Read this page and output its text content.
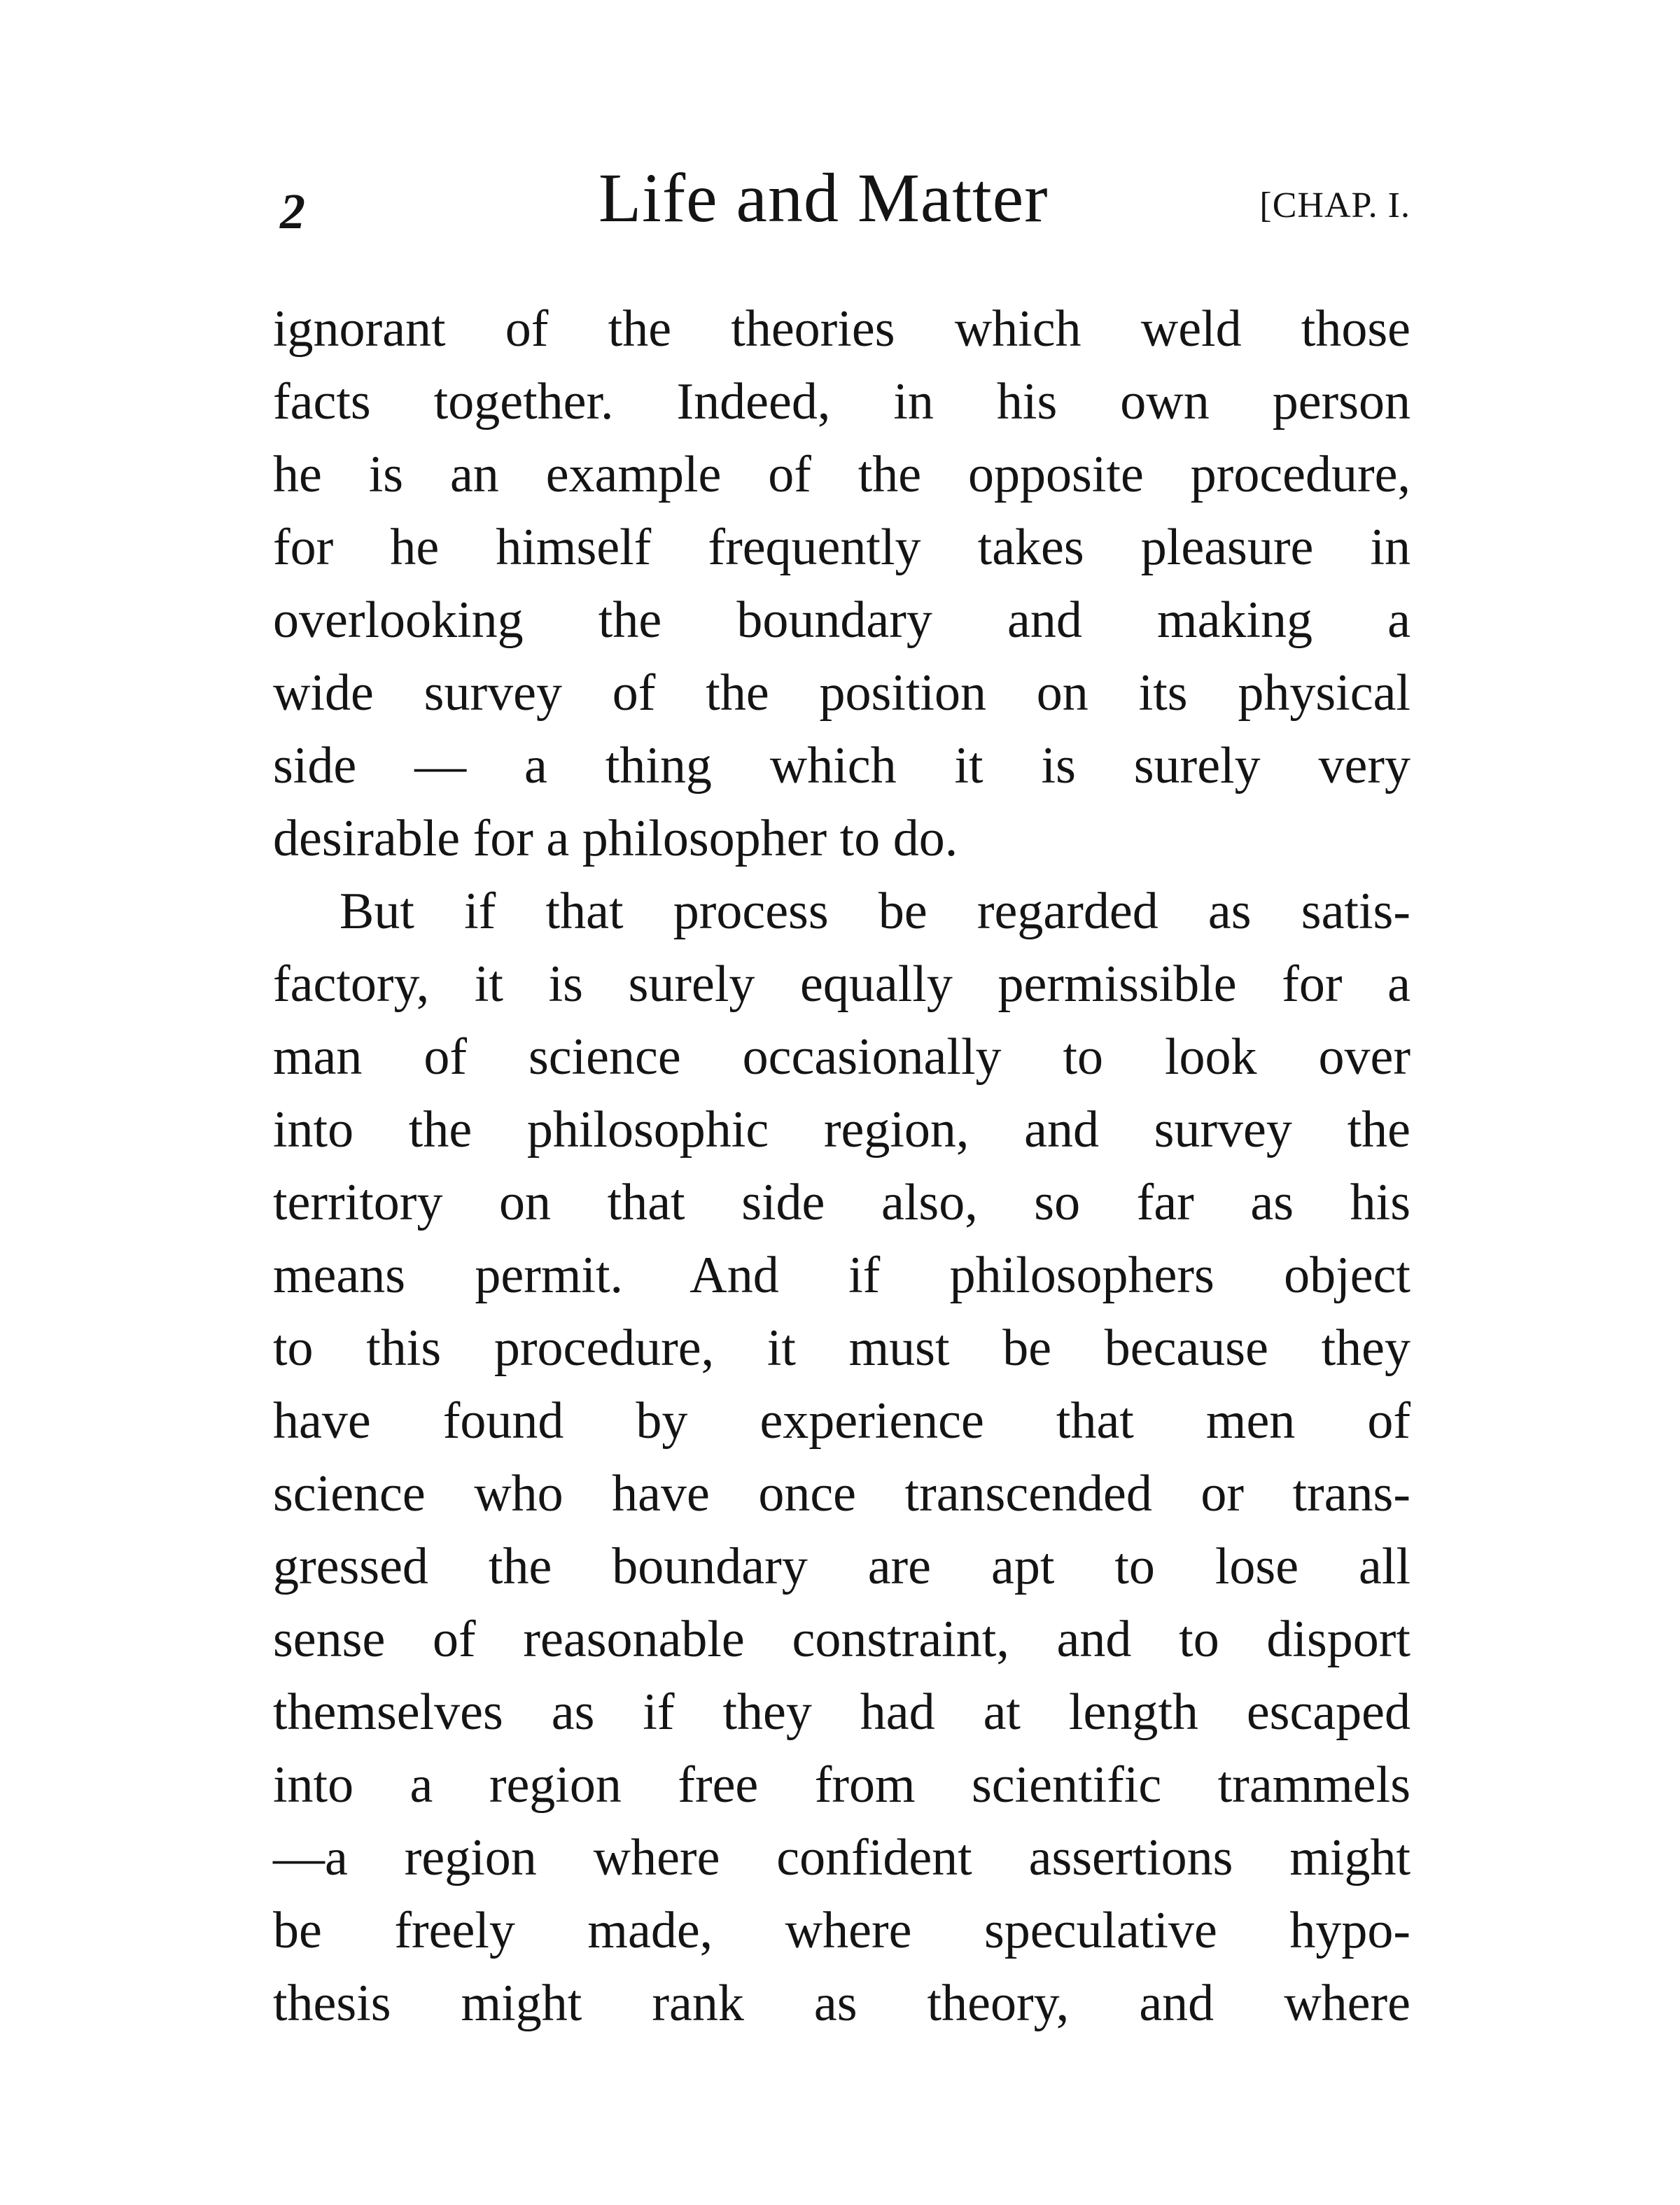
2	Life and Matter	[CHAP. I.
ignorant of the theories which weld those
facts together. Indeed, in his own person
he is an example of the opposite procedure,
for he himself frequently takes pleasure in
overlooking the boundary and making a
wide survey of the position on its physical
side — a thing which it is surely very
desirable for a philosopher to do.
But if that process be regarded as satis-
factory, it is surely equally permissible for a
man of science occasionally to look over
into the philosophic region, and survey the
territory on that side also, so far as his
means permit. And if philosophers object
to this procedure, it must be because they
have found by experience that men of
science who have once transcended or trans-
gressed the boundary are apt to lose all
sense of reasonable constraint, and to disport
themselves as if they had at length escaped
into a region free from scientific trammels
—a region where confident assertions might
be freely made, where speculative hypo-
thesis might rank as theory, and where
